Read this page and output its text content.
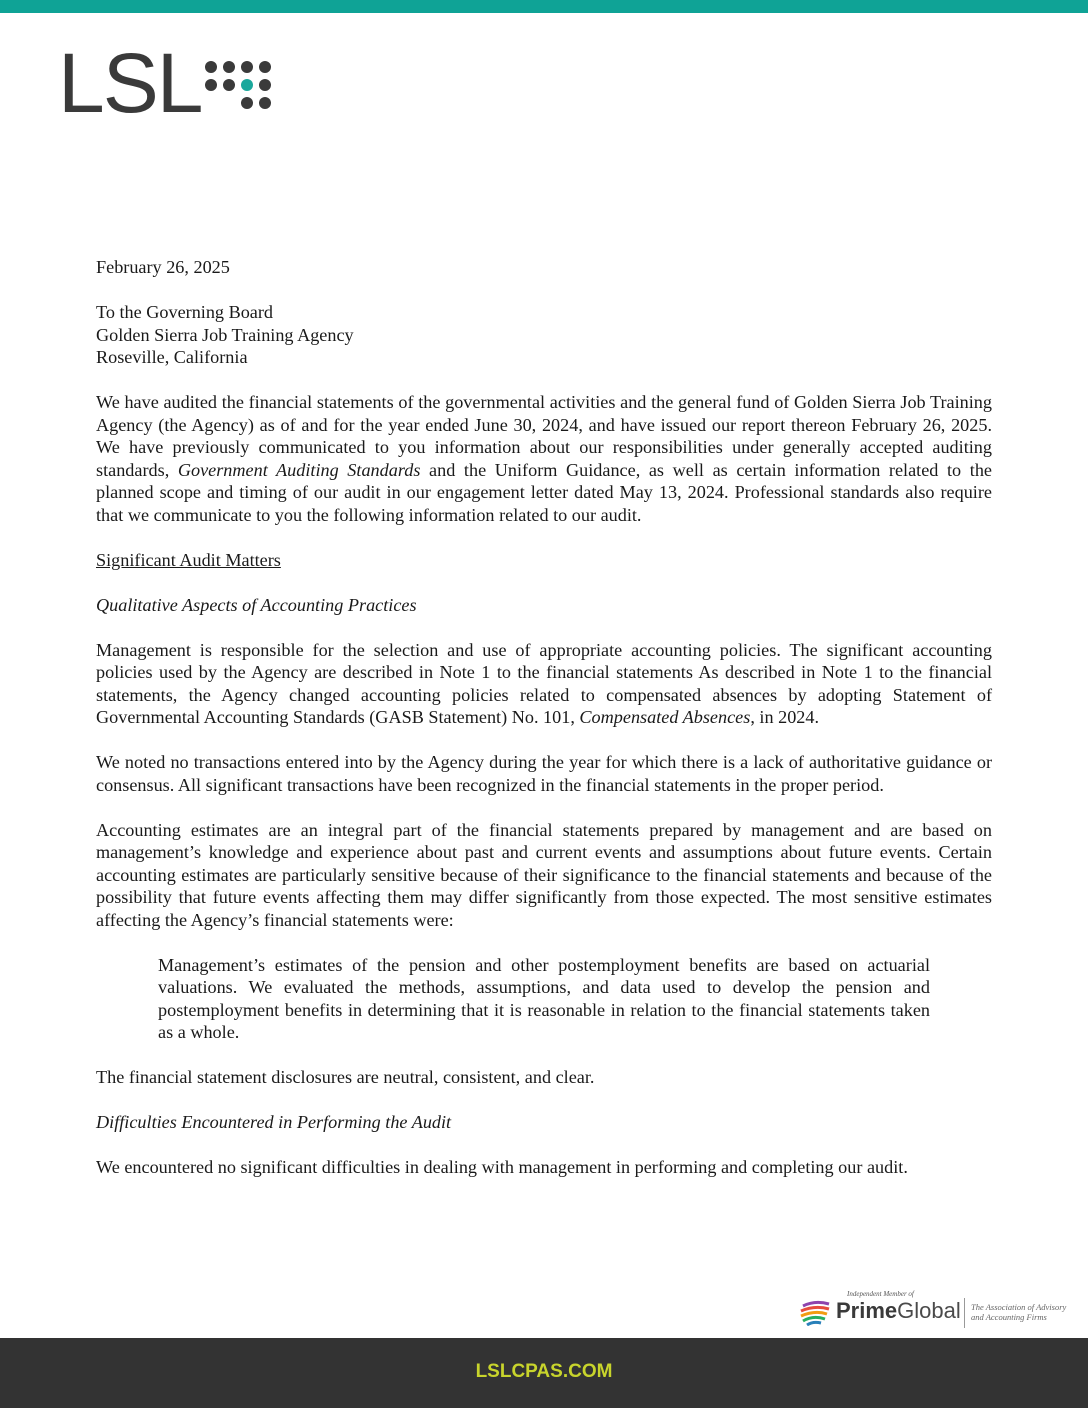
LSL

February 26, 2025

To the Governing Board
Golden Sierra Job Training Agency
Roseville, California

We have audited the financial statements of the governmental activities and the general fund of Golden Sierra Job Training Agency (the Agency) as of and for the year ended June 30, 2024, and have issued our report thereon February 26, 2025. We have previously communicated to you information about our responsibilities under generally accepted auditing standards, Government Auditing Standards and the Uniform Guidance, as well as certain information related to the planned scope and timing of our audit in our engagement letter dated May 13, 2024. Professional standards also require that we communicate to you the following information related to our audit.

Significant Audit Matters

Qualitative Aspects of Accounting Practices

Management is responsible for the selection and use of appropriate accounting policies. The significant accounting policies used by the Agency are described in Note 1 to the financial statements As described in Note 1 to the financial statements, the Agency changed accounting policies related to compensated absences by adopting Statement of Governmental Accounting Standards (GASB Statement) No. 101, Compensated Absences, in 2024.

We noted no transactions entered into by the Agency during the year for which there is a lack of authoritative guidance or consensus. All significant transactions have been recognized in the financial statements in the proper period.

Accounting estimates are an integral part of the financial statements prepared by management and are based on management’s knowledge and experience about past and current events and assumptions about future events. Certain accounting estimates are particularly sensitive because of their significance to the financial statements and because of the possibility that future events affecting them may differ significantly from those expected. The most sensitive estimates affecting the Agency’s financial statements were:

Management’s estimates of the pension and other postemployment benefits are based on actuarial valuations. We evaluated the methods, assumptions, and data used to develop the pension and postemployment benefits in determining that it is reasonable in relation to the financial statements taken as a whole.

The financial statement disclosures are neutral, consistent, and clear.

Difficulties Encountered in Performing the Audit

We encountered no significant difficulties in dealing with management in performing and completing our audit.

Independent Member of
PrimeGlobal The Association of Advisory
and Accounting Firms
LSLCPAS.COM
